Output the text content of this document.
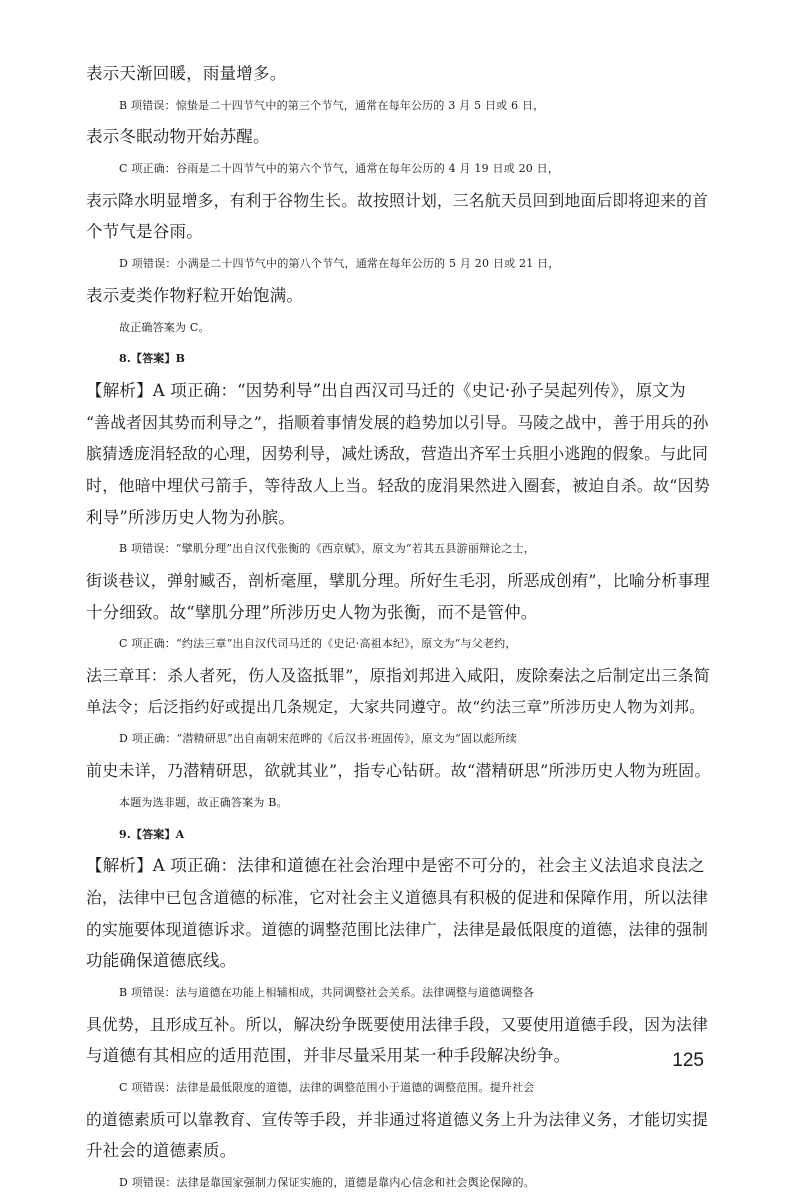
表示天渐回暖，雨量增多。
B 项错误：惊蛰是二十四节气中的第三个节气，通常在每年公历的 3 月 5 日或 6 日，
表示冬眠动物开始苏醒。
C 项正确：谷雨是二十四节气中的第六个节气，通常在每年公历的 4 月 19 日或 20 日，
表示降水明显增多，有利于谷物生长。故按照计划，三名航天员回到地面后即将迎来的首
个节气是谷雨。
D 项错误：小满是二十四节气中的第八个节气，通常在每年公历的 5 月 20 日或 21 日，
表示麦类作物籽粒开始饱满。
故正确答案为 C。
8.【答案】B
【解析】A 项正确：“因势利导”出自西汉司马迁的《史记·孙子吴起列传》，原文为
“善战者因其势而利导之”，指顺着事情发展的趋势加以引导。马陵之战中，善于用兵的孙
膑猜透庞涓轻敌的心理，因势利导，减灶诱敌，营造出齐军士兵胆小逃跑的假象。与此同
时，他暗中埋伏弓箭手，等待敌人上当。轻敌的庞涓果然进入圈套，被迫自杀。故“因势
利导”所涉历史人物为孙膑。
B 项错误：“擘肌分理”出自汉代张衡的《西京赋》，原文为“若其五县游丽辩论之士，
街谈巷议，弹射臧否，剖析毫厘，擘肌分理。所好生毛羽，所恶成创痏”，比喻分析事理
十分细致。故“擘肌分理”所涉历史人物为张衡，而不是管仲。
C 项正确：“约法三章”出自汉代司马迁的《史记·高祖本纪》，原文为“与父老约，
法三章耳：杀人者死，伤人及盗抵罪”，原指刘邦进入咸阳，废除秦法之后制定出三条简
单法令；后泛指约好或提出几条规定，大家共同遵守。故“约法三章”所涉历史人物为刘邦。
D 项正确：“潜精研思”出自南朝宋范晔的《后汉书·班固传》，原文为“固以彪所续
前史未详，乃潜精研思，欲就其业”，指专心钻研。故“潜精研思”所涉历史人物为班固。
本题为选非题，故正确答案为 B。
9.【答案】A
【解析】A 项正确：法律和道德在社会治理中是密不可分的，社会主义法追求良法之
治，法律中已包含道德的标准，它对社会主义道德具有积极的促进和保障作用，所以法律
的实施要体现道德诉求。道德的调整范围比法律广，法律是最低限度的道德，法律的强制
功能确保道德底线。
B 项错误：法与道德在功能上相辅相成，共同调整社会关系。法律调整与道德调整各
具优势，且形成互补。所以，解决纷争既要使用法律手段，又要使用道德手段，因为法律
与道德有其相应的适用范围，并非尽量采用某一种手段解决纷争。
C 项错误：法律是最低限度的道德，法律的调整范围小于道德的调整范围。提升社会
的道德素质可以靠教育、宣传等手段，并非通过将道德义务上升为法律义务，才能切实提
升社会的道德素质。
D 项错误：法律是靠国家强制力保证实施的，道德是靠内心信念和社会舆论保障的。
125
